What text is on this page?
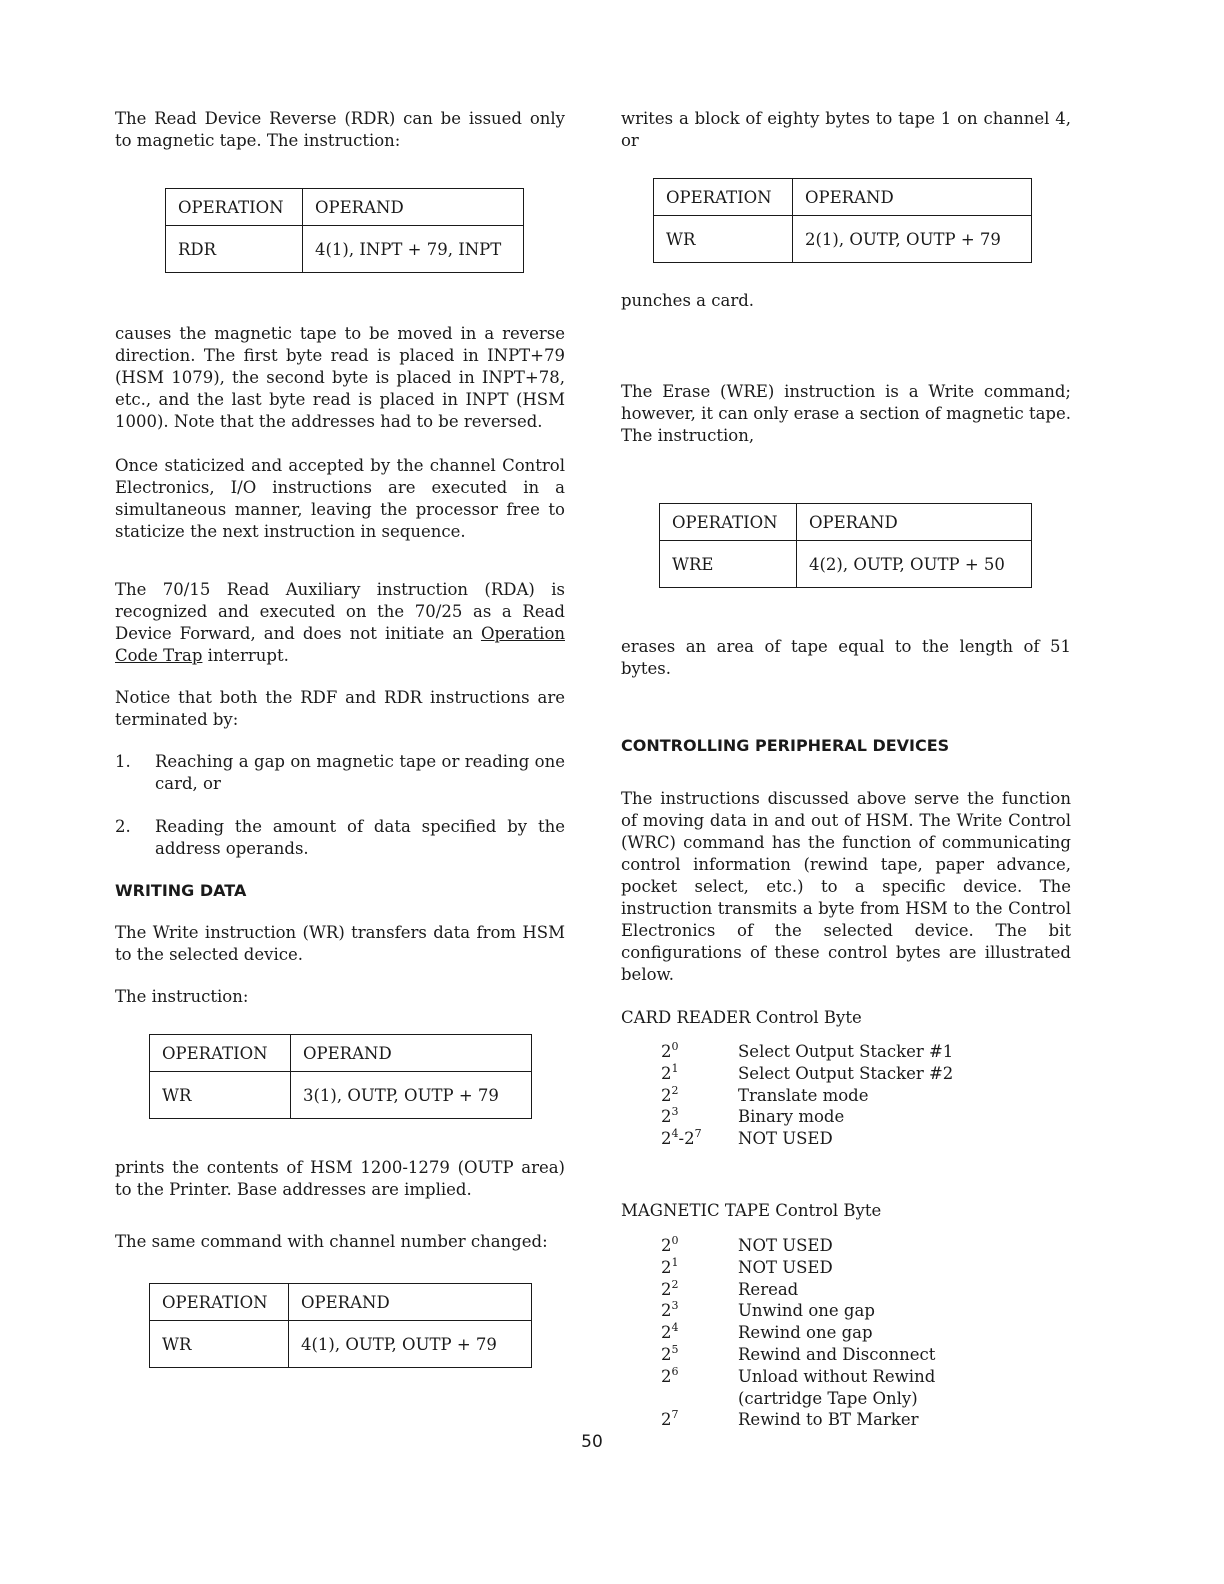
The Read Device Reverse (RDR) can be issued only to magnetic tape. The instruction:

OPERATION	OPERAND
RDR	4(1), INPT + 79, INPT

causes the magnetic tape to be moved in a reverse direction. The first byte read is placed in INPT+79 (HSM 1079), the second byte is placed in INPT+78, etc., and the last byte read is placed in INPT (HSM 1000). Note that the addresses had to be reversed.

Once staticized and accepted by the channel Control Electronics, I/O instructions are executed in a simultaneous manner, leaving the processor free to staticize the next instruction in sequence.

The 70/15 Read Auxiliary instruction (RDA) is recognized and executed on the 70/25 as a Read Device Forward, and does not initiate an Operation Code Trap interrupt.

Notice that both the RDF and RDR instructions are terminated by:

1.	Reaching a gap on magnetic tape or reading one card, or
2.	Reading the amount of data specified by the address operands.
WRITING DATA

The Write instruction (WR) transfers data from HSM to the selected device.

The instruction:

OPERATION	OPERAND
WR	3(1), OUTP, OUTP + 79

prints the contents of HSM 1200-1279 (OUTP area) to the Printer. Base addresses are implied.

The same command with channel number changed:

OPERATION	OPERAND
WR	4(1), OUTP, OUTP + 79

writes a block of eighty bytes to tape 1 on channel 4, or

OPERATION	OPERAND
WR	2(1), OUTP, OUTP + 79

punches a card.

The Erase (WRE) instruction is a Write command; however, it can only erase a section of magnetic tape. The instruction,

OPERATION	OPERAND
WRE	4(2), OUTP, OUTP + 50

erases an area of tape equal to the length of 51 bytes.

CONTROLLING PERIPHERAL DEVICES

The instructions discussed above serve the function of moving data in and out of HSM. The Write Control (WRC) command has the function of communicating control information (rewind tape, paper advance, pocket select, etc.) to a specific device. The instruction transmits a byte from HSM to the Control Electronics of the selected device. The bit configurations of these control bytes are illustrated below.

CARD READER Control Byte

$2^0$	Select Output Stacker #1
$2^1$	Select Output Stacker #2
$2^2$	Translate mode
$2^3$	Binary mode
$2^4-2^7$	NOT USED

MAGNETIC TAPE Control Byte

$2^0$	NOT USED
$2^1$	NOT USED
$2^2$	Reread
$2^3$	Unwind one gap
$2^4$	Rewind one gap
$2^5$	Rewind and Disconnect
$2^6$	Unload without Rewind (cartridge Tape Only)
$2^7$	Rewind to BT Marker
50
